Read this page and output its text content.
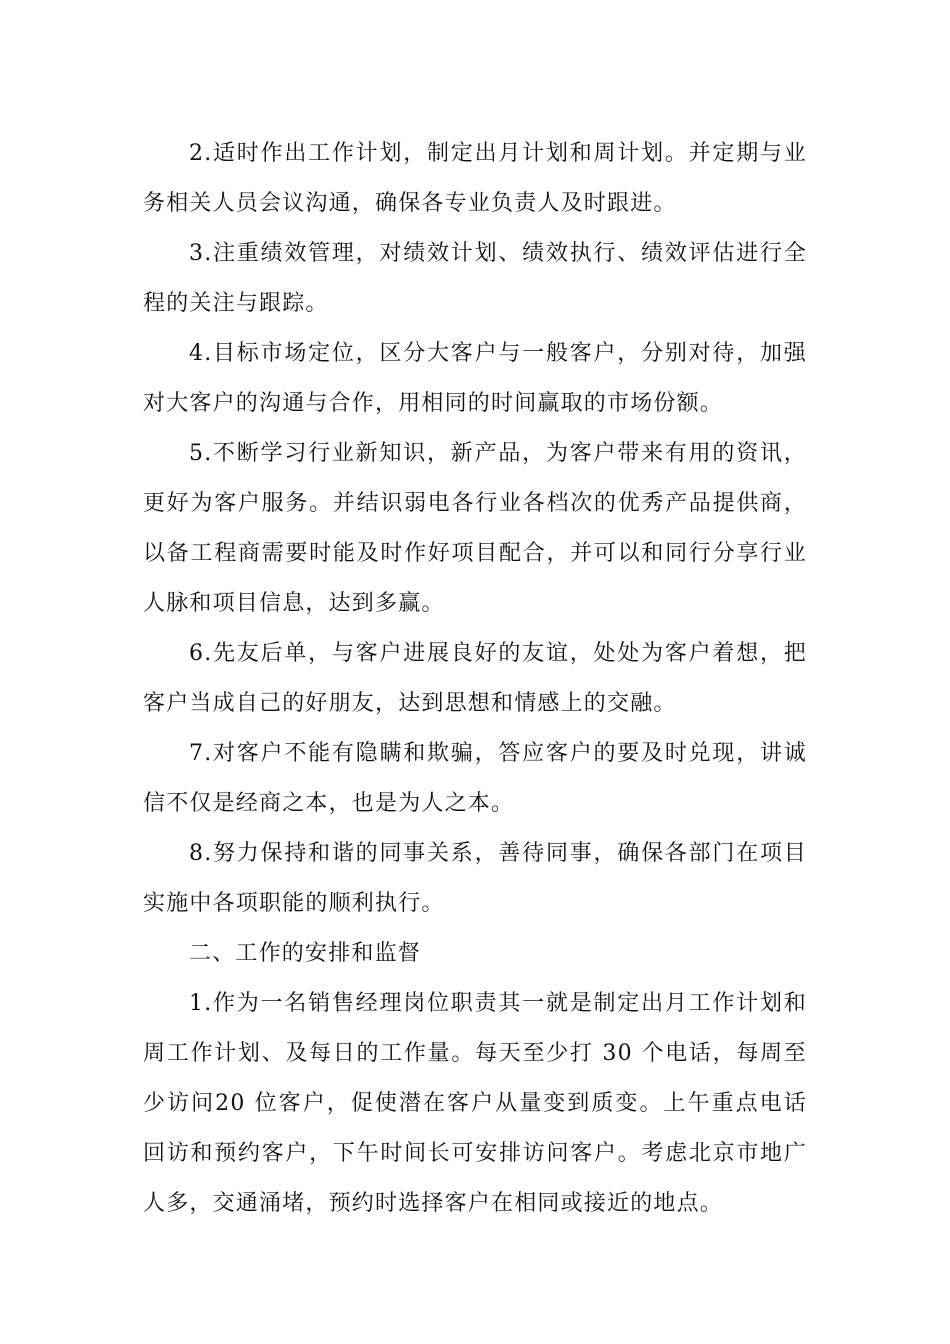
2.适时作出工作计划，制定出月计划和周计划。并定期与业务相关人员会议沟通，确保各专业负责人及时跟进。

3.注重绩效管理，对绩效计划、绩效执行、绩效评估进行全程的关注与跟踪。

4.目标市场定位，区分大客户与一般客户，分别对待，加强对大客户的沟通与合作，用相同的时间赢取的市场份额。

5.不断学习行业新知识，新产品，为客户带来有用的资讯，更好为客户服务。并结识弱电各行业各档次的优秀产品提供商，以备工程商需要时能及时作好项目配合，并可以和同行分享行业人脉和项目信息，达到多赢。

6.先友后单，与客户进展良好的友谊，处处为客户着想，把客户当成自己的好朋友，达到思想和情感上的交融。

7.对客户不能有隐瞒和欺骗，答应客户的要及时兑现，讲诚信不仅是经商之本，也是为人之本。

8.努力保持和谐的同事关系，善待同事，确保各部门在项目实施中各项职能的顺利执行。

二、工作的安排和监督

1.作为一名销售经理岗位职责其一就是制定出月工作计划和周工作计划、及每日的工作量。每天至少打 30 个电话，每周至少访问20 位客户，促使潜在客户从量变到质变。上午重点电话回访和预约客户，下午时间长可安排访问客户。考虑北京市地广人多，交通涌堵，预约时选择客户在相同或接近的地点。
